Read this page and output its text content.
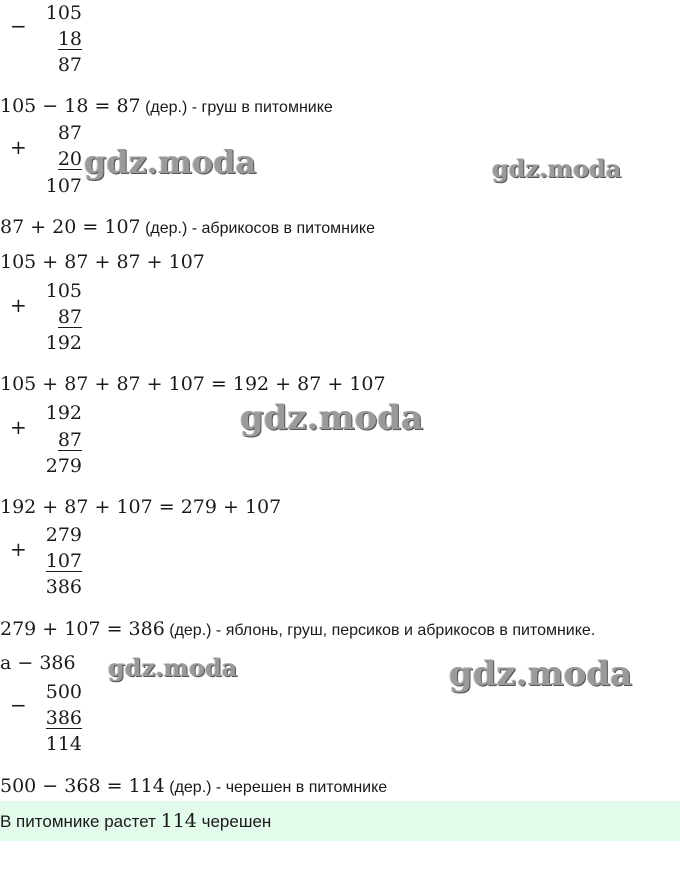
−
105
18
87
105 − 18 = 87 (дер.) - груш в питомнике
+
87
20
107
gdz.moda	gdz.moda
87 + 20 = 107 (дер.) - абрикосов в питомнике
105 + 87 + 87 + 107
+
105
87
192
105 + 87 + 87 + 107 = 192 + 87 + 107
+
192
87
279
gdz.moda
192 + 87 + 107 = 279 + 107
+
279
107
386
279 + 107 = 386 (дер.) - яблонь, груш, персиков и абрикосов в питомнике.
a − 386 gdz.moda	gdz.moda
−
500
386
114
500 − 368 = 114 (дер.) - черешен в питомнике
В питомнике растет 114 черешен
